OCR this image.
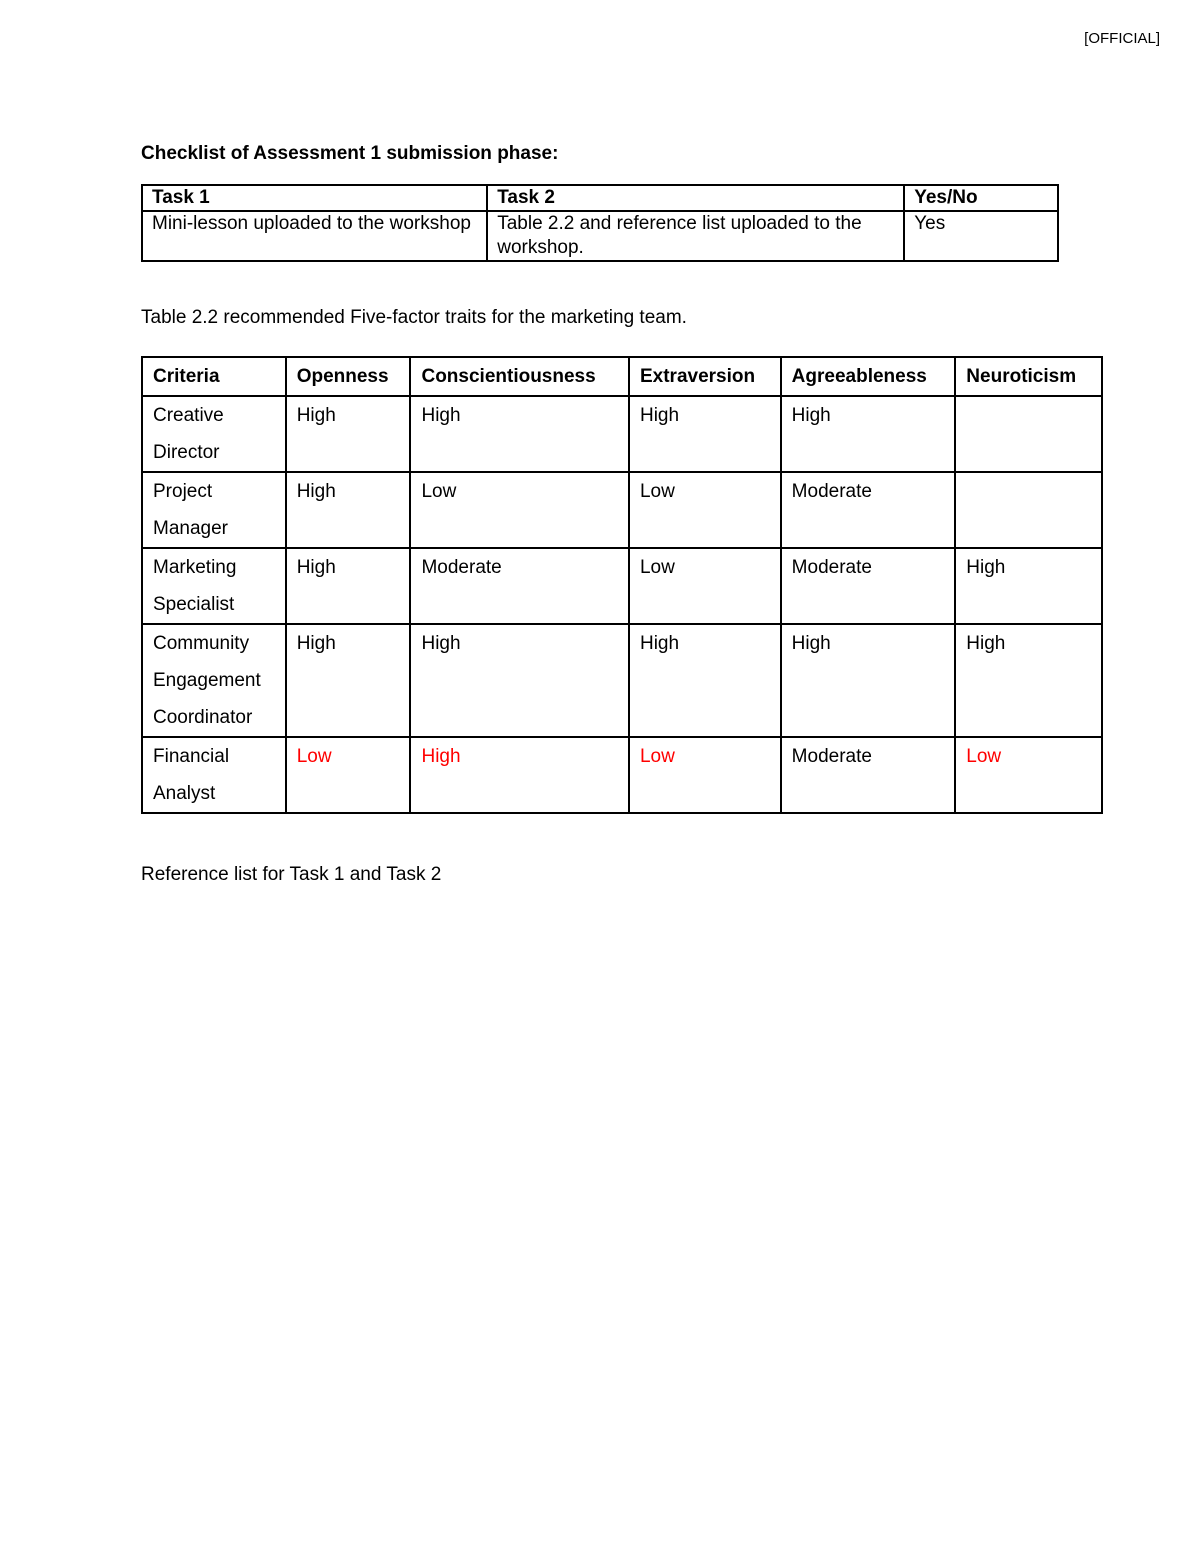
[OFFICIAL]
Checklist of Assessment 1 submission phase:
Task 1	Task 2	Yes/No
Mini-lesson uploaded to the workshop	Table 2.2 and reference list uploaded to the workshop.	Yes

Table 2.2 recommended Five-factor traits for the marketing team.

Criteria	Openness	Conscientiousness	Extraversion	Agreeableness	Neuroticism
Creative Director	High	High	High	High	
Project Manager	High	Low	Low	Moderate	
Marketing Specialist	High	Moderate	Low	Moderate	High
Community Engagement Coordinator	High	High	High	High	High
Financial Analyst	Low	High	Low	Moderate	Low

Reference list for Task 1 and Task 2
